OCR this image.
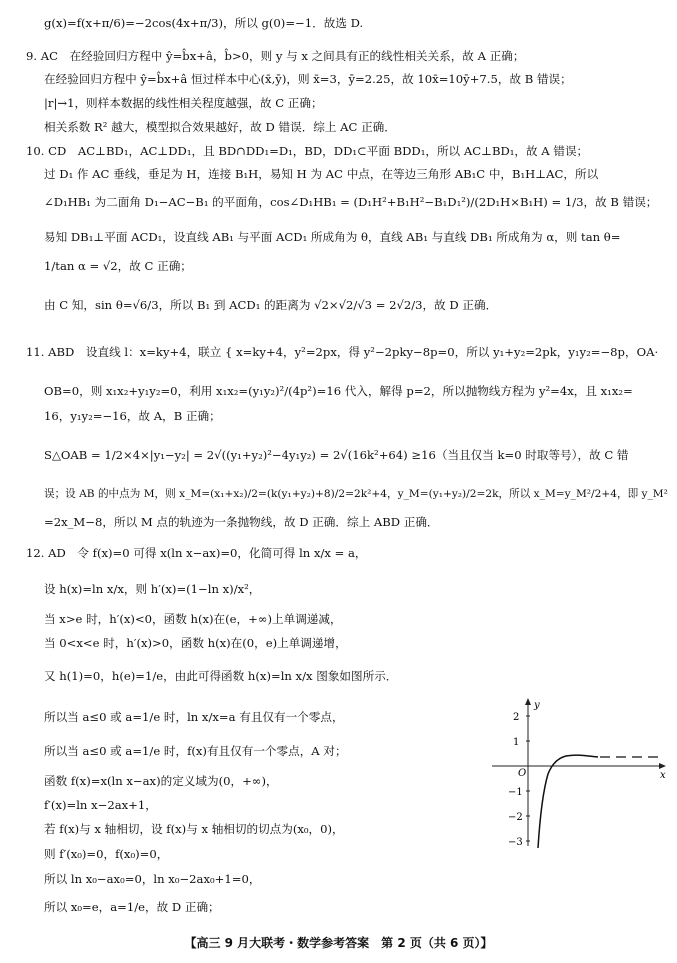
g(x)=f(x+π/6)=−2cos(4x+π/3)，所以 g(0)=−1．故选 D.
9. AC　在经验回归方程中 ŷ=b̂x+â，b̂>0，则 y 与 x 之间具有正的线性相关关系，故 A 正确；
在经验回归方程中 ŷ=b̂x+â 恒过样本中心(x̄,ȳ)，则 x̄=3，ȳ=2.25，故 10x̄=10ȳ+7.5，故 B 错误；
|r|→1，则样本数据的线性相关程度越强，故 C 正确；
相关系数 R² 越大，模型拟合效果越好，故 D 错误．综上 AC 正确．
10. CD　AC⊥BD₁，AC⊥DD₁，且 BD∩DD₁=D₁，BD，DD₁⊂平面 BDD₁，所以 AC⊥BD₁，故 A 错误；
过 D₁ 作 AC 垂线，垂足为 H，连接 B₁H，易知 H 为 AC 中点，在等边三角形 AB₁C 中，B₁H⊥AC，所以
∠D₁HB₁ 为二面角 D₁−AC−B₁ 的平面角，cos∠D₁HB₁ = (D₁H²+B₁H²−B₁D₁²)/(2D₁H×B₁H) = 1/3，故 B 错误；
易知 DB₁⊥平面 ACD₁，设直线 AB₁ 与平面 ACD₁ 所成角为 θ，直线 AB₁ 与直线 DB₁ 所成角为 α，则 tan θ=
1/tan α = √2，故 C 正确；
由 C 知，sin θ=√6/3，所以 B₁ 到 ACD₁ 的距离为 √2×√2/√3 = 2√2/3，故 D 正确．
11. ABD　设直线 l：x=ky+4，联立 { x=ky+4，y²=2px，得 y²−2pky−8p=0，所以 y₁+y₂=2pk，y₁y₂=−8p，OA·
OB=0，则 x₁x₂+y₁y₂=0，利用 x₁x₂=(y₁y₂)²/(4p²)=16 代入，解得 p=2，所以抛物线方程为 y²=4x，且 x₁x₂=
16，y₁y₂=−16，故 A，B 正确；
S△OAB = 1/2×4×|y₁−y₂| = 2√((y₁+y₂)²−4y₁y₂) = 2√(16k²+64) ≥16（当且仅当 k=0 时取等号），故 C 错
误；设 AB 的中点为 M，则 x_M=(x₁+x₂)/2=(k(y₁+y₂)+8)/2=2k²+4，y_M=(y₁+y₂)/2=2k，所以 x_M=y_M²/2+4，即 y_M²
=2x_M−8，所以 M 点的轨迹为一条抛物线，故 D 正确．综上 ABD 正确．
12. AD　令 f(x)=0 可得 x(ln x−ax)=0，化简可得 ln x/x = a，
设 h(x)=ln x/x，则 h′(x)=(1−ln x)/x²，
当 x>e 时，h′(x)<0，函数 h(x)在(e，+∞)上单调递减，
当 0<x<e 时，h′(x)>0，函数 h(x)在(0，e)上单调递增，
又 h(1)=0，h(e)=1/e，由此可得函数 h(x)=ln x/x 图象如图所示．
所以当 a≤0 或 a=1/e 时，ln x/x=a 有且仅有一个零点，
所以当 a≤0 或 a=1/e 时，f(x)有且仅有一个零点，A 对；
函数 f(x)=x(ln x−ax)的定义域为(0，+∞)，
f′(x)=ln x−2ax+1，
若 f(x)与 x 轴相切，设 f(x)与 x 轴相切的切点为(x₀，0)，
则 f′(x₀)=0，f(x₀)=0，
所以 ln x₀−ax₀=0，ln x₀−2ax₀+1=0，
所以 x₀=e，a=1/e，故 D 正确；
y
x
O
2
1
−1
−2
−3
【高三 9 月大联考・数学参考答案　第 2 页（共 6 页）】
